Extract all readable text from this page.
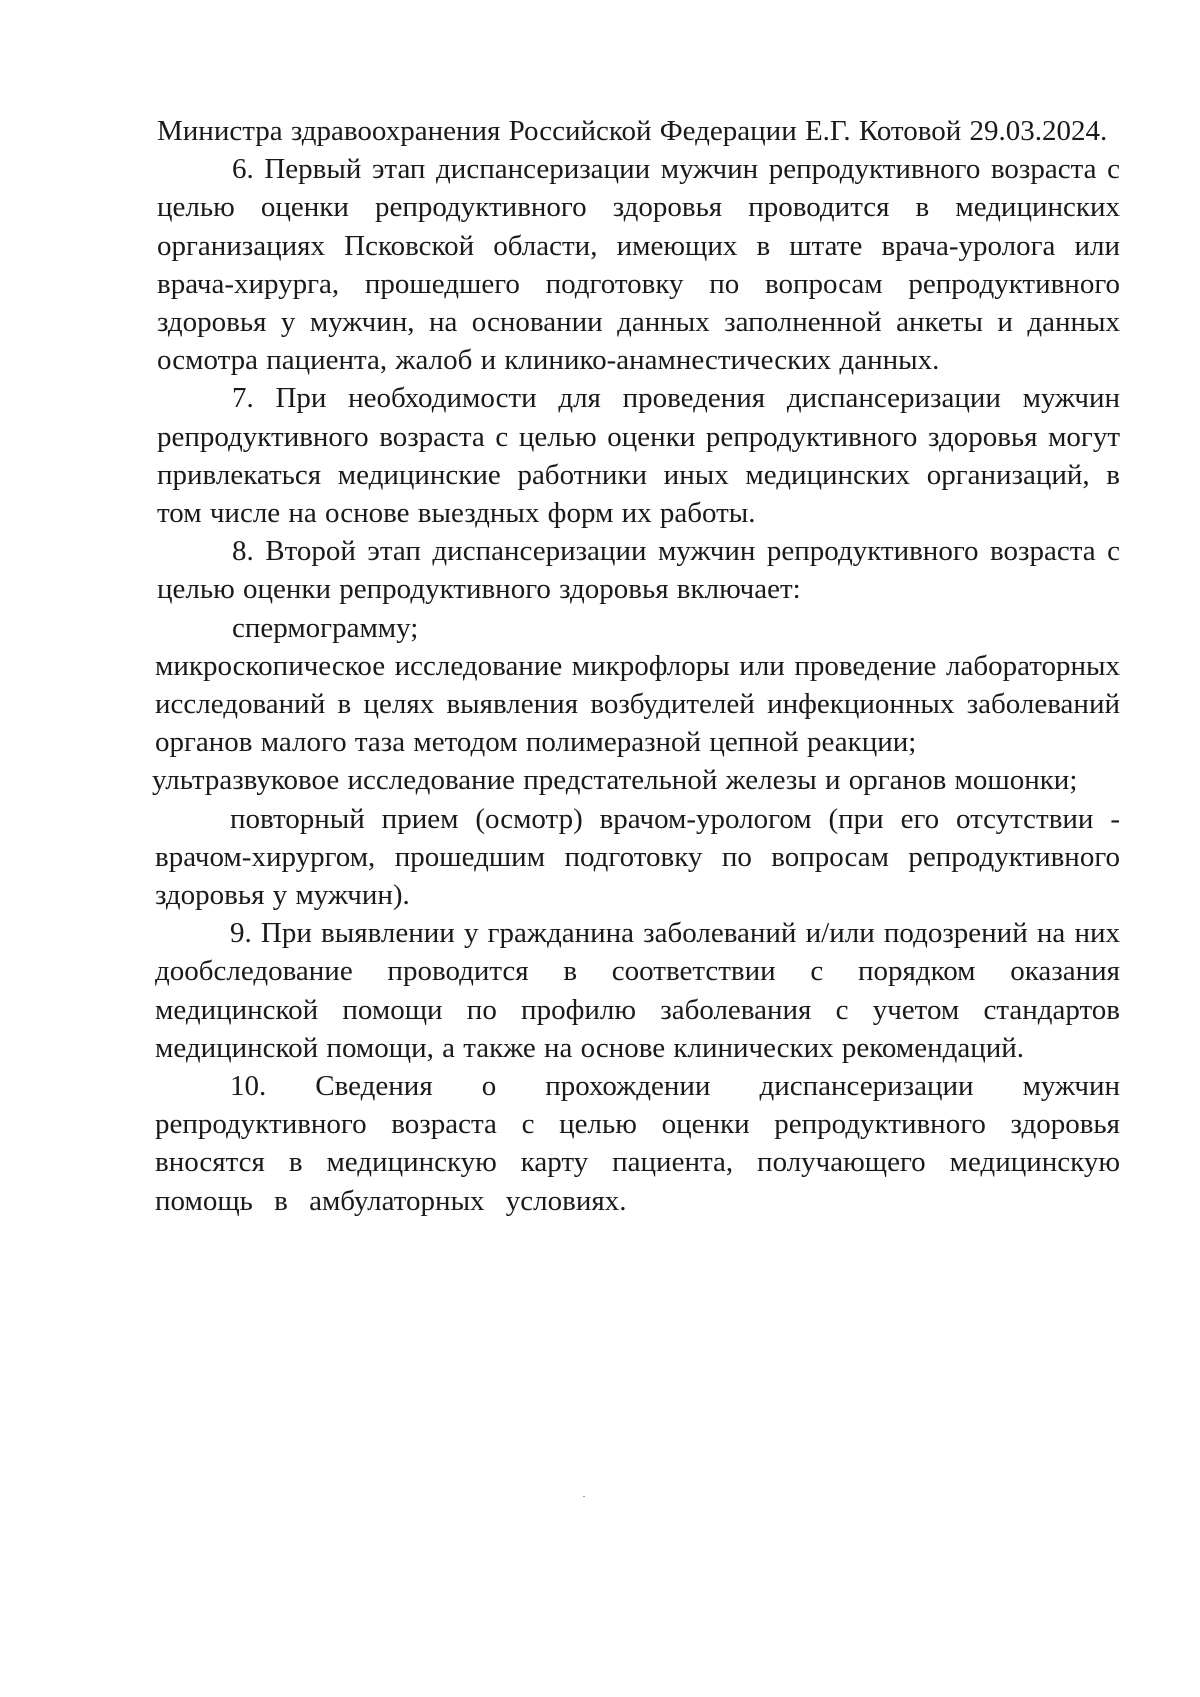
Министра здравоохранения Российской Федерации Е.Г. Котовой 29.03.2024.

6. Первый этап диспансеризации мужчин репродуктивного возраста с целью оценки репродуктивного здоровья проводится в медицинских организациях Псковской области, имеющих в штате врача-уролога или врача-хирурга, прошедшего подготовку по вопросам репродуктивного здоровья у мужчин, на основании данных заполненной анкеты и данных осмотра пациента, жалоб и клинико-анамнестических данных.

7. При необходимости для проведения диспансеризации мужчин репродуктивного возраста с целью оценки репродуктивного здоровья могут привлекаться медицинские работники иных медицинских организаций, в том числе на основе выездных форм их работы.

8. Второй этап диспансеризации мужчин репродуктивного возраста с целью оценки репродуктивного здоровья включает:

спермограмму;

микроскопическое исследование микрофлоры или проведение лабораторных исследований в целях выявления возбудителей инфекционных заболеваний органов малого таза методом полимеразной цепной реакции;

ультразвуковое исследование предстательной железы и органов мошонки;

повторный прием (осмотр) врачом-урологом (при его отсутствии - врачом-хирургом, прошедшим подготовку по вопросам репродуктивного здоровья у мужчин).

9. При выявлении у гражданина заболеваний и/или подозрений на них дообследование проводится в соответствии с порядком оказания медицинской помощи по профилю заболевания с учетом стандартов медицинской помощи, а также на основе клинических рекомендаций.

10. Сведения о прохождении диспансеризации мужчин репродуктивного возраста с целью оценки репродуктивного здоровья вносятся в медицинскую карту пациента, получающего медицинскую помощь в амбулаторных условиях.
